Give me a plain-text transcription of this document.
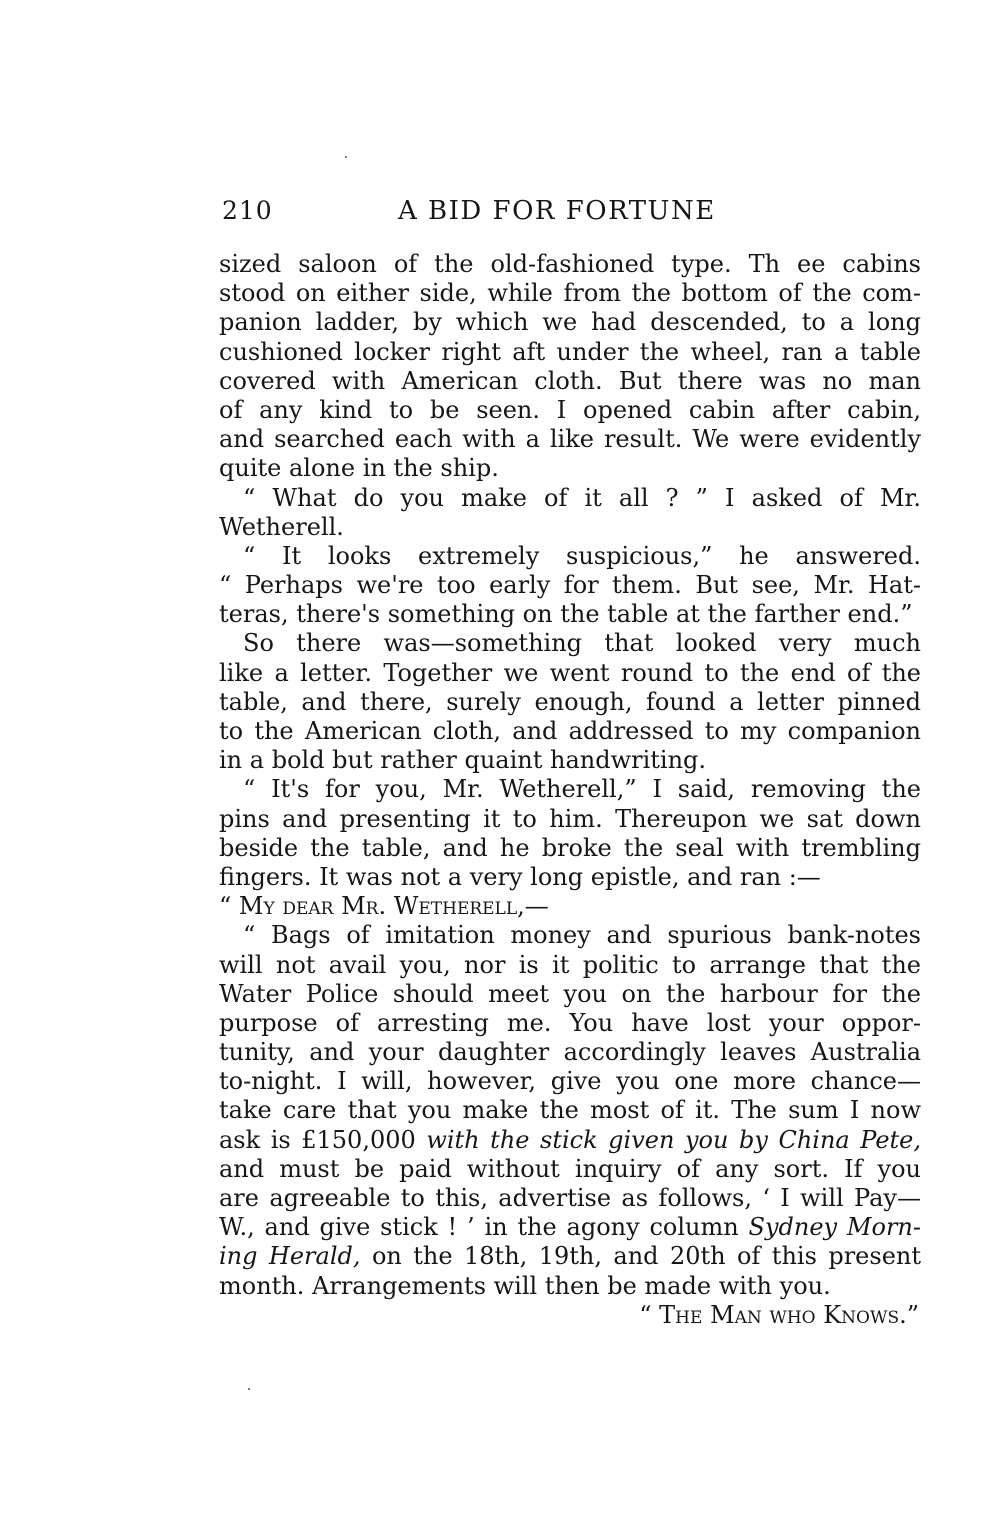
210	A BID FOR FORTUNE
sized saloon of the old-fashioned type. Th ee cabins
stood on either side, while from the bottom of the com-
panion ladder, by which we had descended, to a long
cushioned locker right aft under the wheel, ran a table
covered with American cloth. But there was no man
of any kind to be seen. I opened cabin after cabin,
and searched each with a like result. We were evidently
quite alone in the ship.
“ What do you make of it all ? ” I asked of Mr.
Wetherell.
“ It looks extremely suspicious,” he answered.
“ Perhaps we're too early for them. But see, Mr. Hat-
teras, there's something on the table at the farther end.”
So there was—something that looked very much
like a letter. Together we went round to the end of the
table, and there, surely enough, found a letter pinned
to the American cloth, and addressed to my companion
in a bold but rather quaint handwriting.
“ It's for you, Mr. Wetherell,” I said, removing the
pins and presenting it to him. Thereupon we sat down
beside the table, and he broke the seal with trembling
fingers. It was not a very long epistle, and ran :—
“ My dear Mr. Wetherell,—
“ Bags of imitation money and spurious bank-notes
will not avail you, nor is it politic to arrange that the
Water Police should meet you on the harbour for the
purpose of arresting me. You have lost your oppor-
tunity, and your daughter accordingly leaves Australia
to-night. I will, however, give you one more chance—
take care that you make the most of it. The sum I now
ask is £150,000 with the stick given you by China Pete,
and must be paid without inquiry of any sort. If you
are agreeable to this, advertise as follows, ‘ I will Pay—
W., and give stick ! ’ in the agony column Sydney Morn-
ing Herald, on the 18th, 19th, and 20th of this present
month. Arrangements will then be made with you.
“ The Man who Knows.”
